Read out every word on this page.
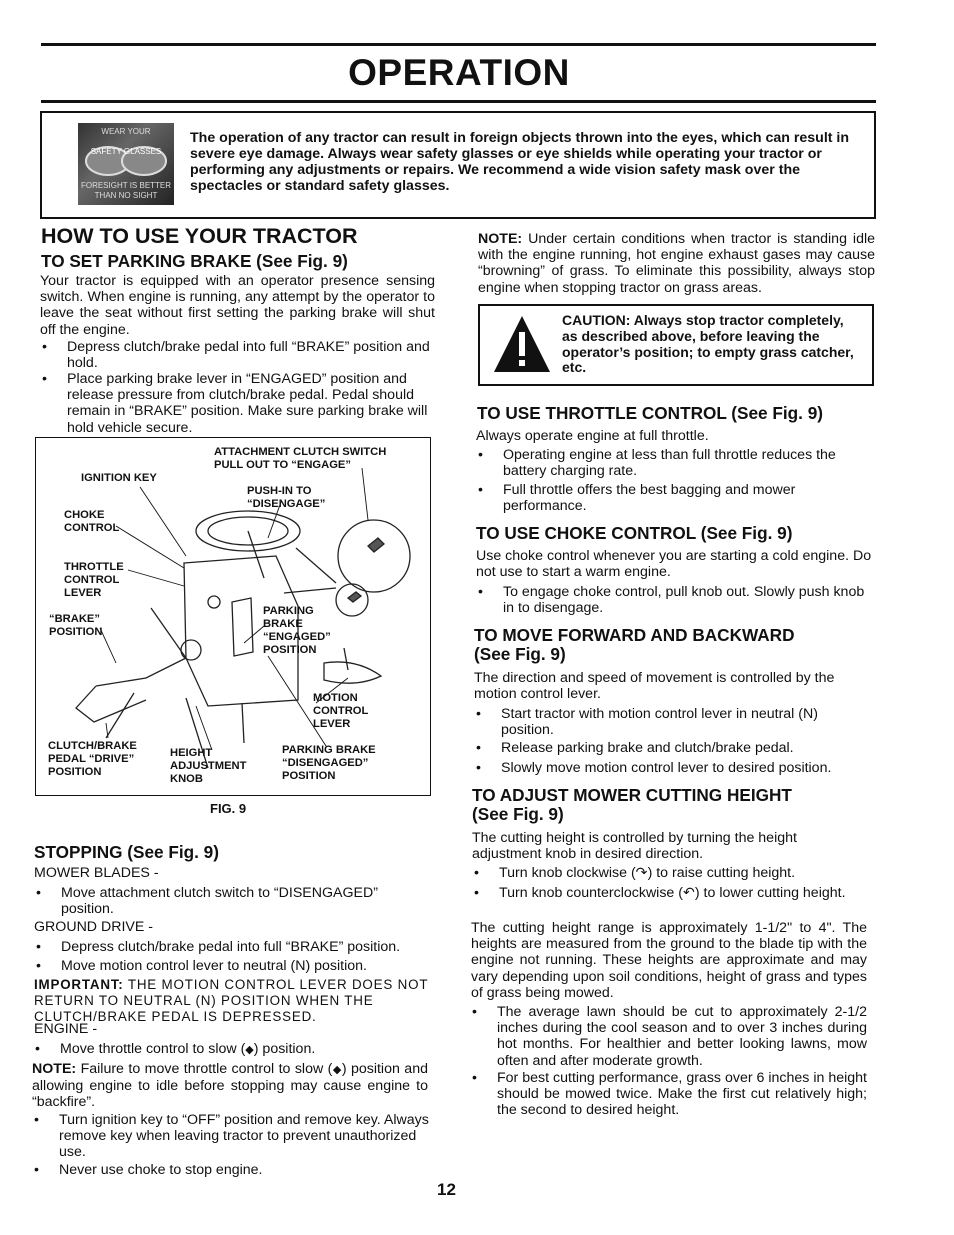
OPERATION
WEAR YOUR
SAFETY GLASSES
FORESIGHT IS BETTER
THAN NO SIGHT
The operation of any tractor can result in foreign objects thrown into the eyes, which can result in severe eye damage. Always wear safety glasses or eye shields while operating your tractor or performing any adjustments or repairs. We recommend a wide vision safety mask over the spectacles or standard safety glasses.
HOW TO USE YOUR TRACTOR
TO SET PARKING BRAKE (See Fig. 9)
Your tractor is equipped with an operator presence sensing switch. When engine is running, any attempt by the operator to leave the seat without first setting the parking brake will shut off the engine.
• Depress clutch/brake pedal into full “BRAKE” position and hold.
• Place parking brake lever in “ENGAGED” position and release pressure from clutch/brake pedal. Pedal should remain in “BRAKE” position. Make sure parking brake will hold vehicle secure.
ATTACHMENT CLUTCH SWITCH
PULL OUT TO “ENGAGE”
IGNITION KEY
PUSH-IN TO
“DISENGAGE”
CHOKE
CONTROL
THROTTLE
CONTROL
LEVER
“BRAKE”
POSITION
PARKING
BRAKE
“ENGAGED”
POSITION
MOTION
CONTROL
LEVER
CLUTCH/BRAKE
PEDAL “DRIVE”
POSITION
HEIGHT
ADJUSTMENT
KNOB
PARKING BRAKE
“DISENGAGED”
POSITION
FIG. 9
STOPPING (See Fig. 9)
MOWER BLADES -
• Move attachment clutch switch to “DISENGAGED” position.
GROUND DRIVE -
• Depress clutch/brake pedal into full “BRAKE” position.
• Move motion control lever to neutral (N) position.
IMPORTANT: THE MOTION CONTROL LEVER DOES NOT RETURN TO NEUTRAL (N) POSITION WHEN THE CLUTCH/BRAKE PEDAL IS DEPRESSED.
ENGINE -
• Move throttle control to slow (◆) position.
NOTE: Failure to move throttle control to slow (◆) position and allowing engine to idle before stopping may cause engine to “backfire”.
• Turn ignition key to “OFF” position and remove key. Always remove key when leaving tractor to prevent unauthorized use.
• Never use choke to stop engine.
NOTE: Under certain conditions when tractor is standing idle with the engine running, hot engine exhaust gases may cause “browning” of grass. To eliminate this possibility, always stop engine when stopping tractor on grass areas.
CAUTION: Always stop tractor completely, as described above, before leaving the operator’s position; to empty grass catcher, etc.
TO USE THROTTLE CONTROL (See Fig. 9)
Always operate engine at full throttle.
• Operating engine at less than full throttle reduces the battery charging rate.
• Full throttle offers the best bagging and mower performance.
TO USE CHOKE CONTROL (See Fig. 9)
Use choke control whenever you are starting a cold engine. Do not use to start a warm engine.
• To engage choke control, pull knob out. Slowly push knob in to disengage.
TO MOVE FORWARD AND BACKWARD
(See Fig. 9)
The direction and speed of movement is controlled by the motion control lever.
• Start tractor with motion control lever in neutral (N) position.
• Release parking brake and clutch/brake pedal.
• Slowly move motion control lever to desired position.
TO ADJUST MOWER CUTTING HEIGHT
(See Fig. 9)
The cutting height is controlled by turning the height adjustment knob in desired direction.
• Turn knob clockwise (↷) to raise cutting height.
• Turn knob counterclockwise (↶) to lower cutting height.
The cutting height range is approximately 1-1/2" to 4". The heights are measured from the ground to the blade tip with the engine not running. These heights are approximate and may vary depending upon soil conditions, height of grass and types of grass being mowed.
• The average lawn should be cut to approximately 2-1/2 inches during the cool season and to over 3 inches during hot months. For healthier and better looking lawns, mow often and after moderate growth.
• For best cutting performance, grass over 6 inches in height should be mowed twice. Make the first cut relatively high; the second to desired height.
12
